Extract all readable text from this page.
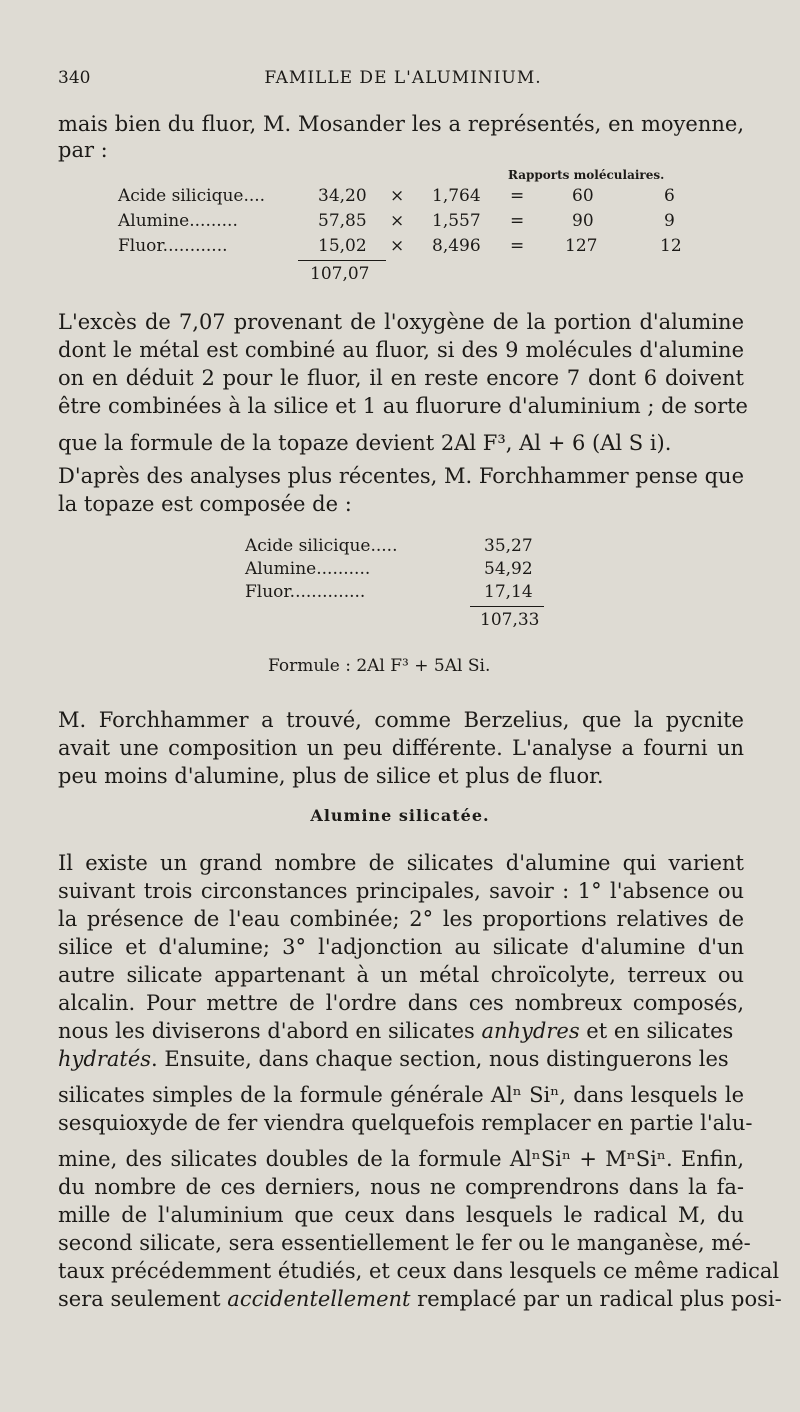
340	FAMILLE DE L'ALUMINIUM.
mais bien du fluor, M. Mosander les a représentés, en moyenne,
par :
Rapports moléculaires.
Acide silicique....	34,20 × 1,764 =	60	6
Alumine.........	57,85 × 1,557 =	90	9
Fluor............	15,02 × 8,496 = 127	12
107,07
L'excès de 7,07 provenant de l'oxygène de la portion d'alumine
dont le métal est combiné au fluor, si des 9 molécules d'alumine
on en déduit 2 pour le fluor, il en reste encore 7 dont 6 doivent
être combinées à la silice et 1 au fluorure d'aluminium ; de sorte
que la formule de la topaze devient 2Al F³, Al + 6 (Al S i).
D'après des analyses plus récentes, M. Forchhammer pense que
la topaze est composée de :
Acide silicique.....	35,27
Alumine..........	54,92
Fluor..............	17,14
107,33
Formule : 2Al F³ + 5Al Si.
M. Forchhammer a trouvé, comme Berzelius, que la pycnite
avait une composition un peu différente. L'analyse a fourni un
peu moins d'alumine, plus de silice et plus de fluor.
Alumine silicatée.
Il existe un grand nombre de silicates d'alumine qui varient
suivant trois circonstances principales, savoir : 1° l'absence ou
la présence de l'eau combinée; 2° les proportions relatives de
silice et d'alumine; 3° l'adjonction au silicate d'alumine d'un
autre silicate appartenant à un métal chroïcolyte, terreux ou
alcalin. Pour mettre de l'ordre dans ces nombreux composés,
nous les diviserons d'abord en silicates anhydres et en silicates
hydratés. Ensuite, dans chaque section, nous distinguerons les
silicates simples de la formule générale Alⁿ Siⁿ, dans lesquels le
sesquioxyde de fer viendra quelquefois remplacer en partie l'alu-
mine, des silicates doubles de la formule AlⁿSiⁿ + MⁿSiⁿ. Enfin,
du nombre de ces derniers, nous ne comprendrons dans la fa-
mille de l'aluminium que ceux dans lesquels le radical M, du
second silicate, sera essentiellement le fer ou le manganèse, mé-
taux précédemment étudiés, et ceux dans lesquels ce même radical
sera seulement accidentellement remplacé par un radical plus posi-
